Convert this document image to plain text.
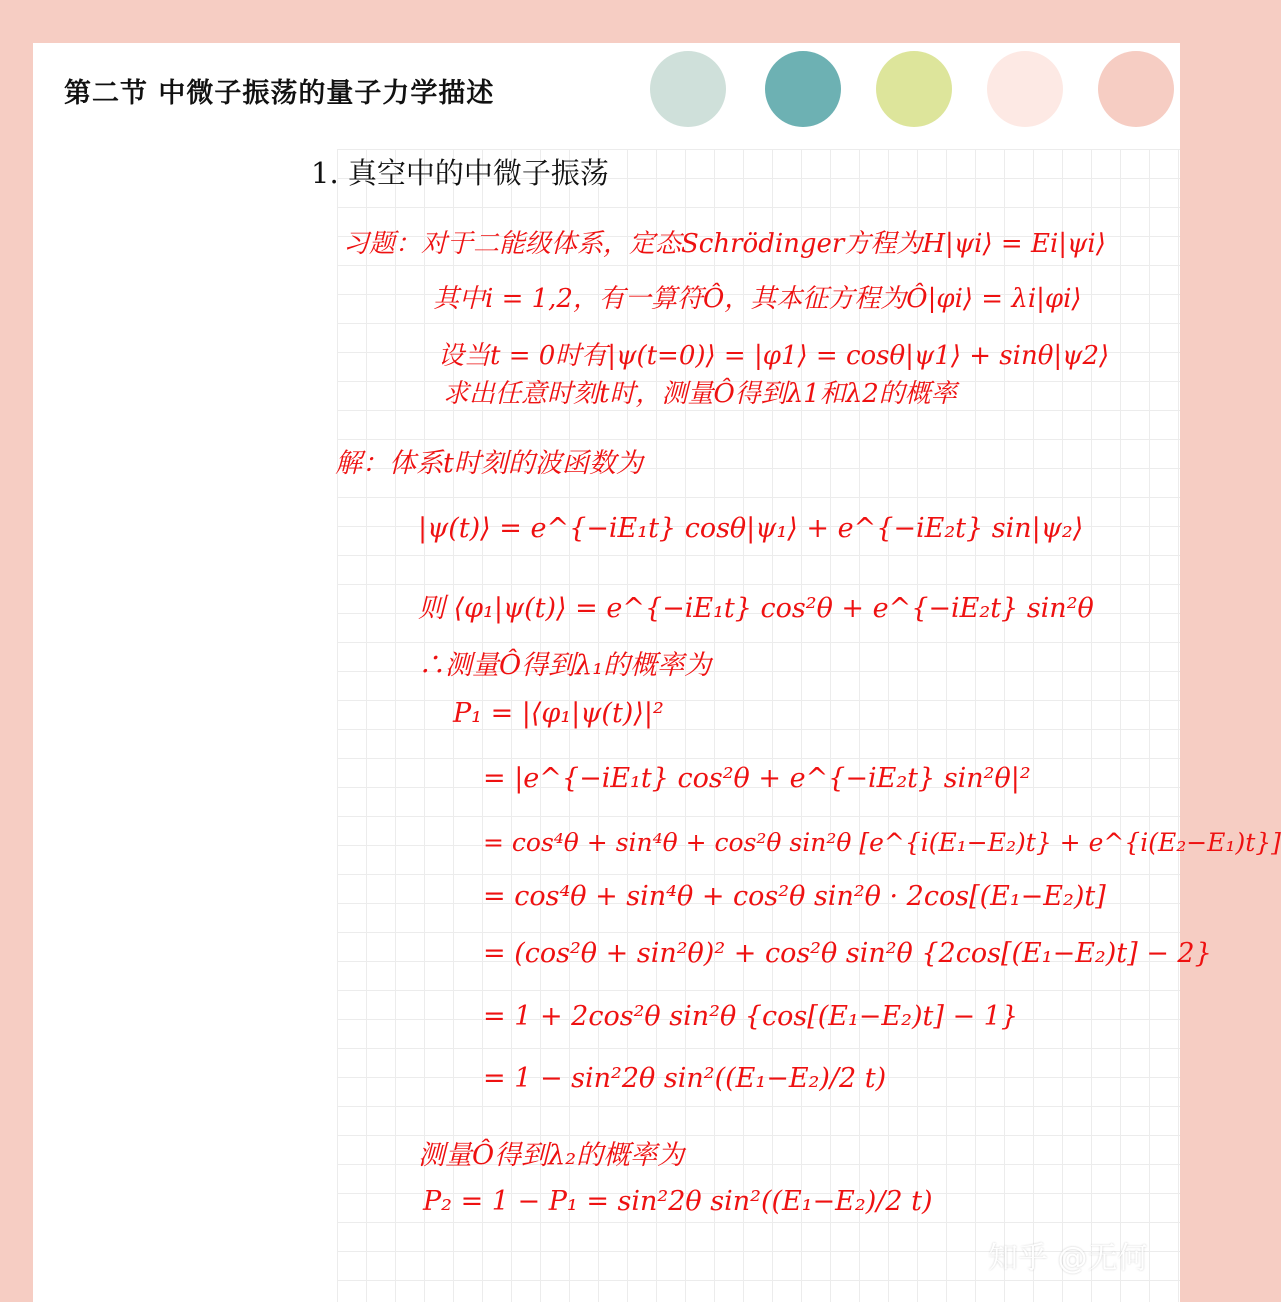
第二节 中微子振荡的量子力学描述
1. 真空中的中微子振荡
习题：对于二能级体系，定态Schrödinger方程为H|ψi⟩ = Ei|ψi⟩
其中i = 1,2，有一算符Ô，其本征方程为Ô|φi⟩ = λi|φi⟩
设当t = 0时有|ψ(t=0)⟩ = |φ1⟩ = cosθ|ψ1⟩ + sinθ|ψ2⟩
求出任意时刻t时，测量Ô得到λ1和λ2的概率
解：体系t时刻的波函数为
|ψ(t)⟩ = e^{−iE₁t} cosθ|ψ₁⟩ + e^{−iE₂t} sin|ψ₂⟩
则 ⟨φ₁|ψ(t)⟩ = e^{−iE₁t} cos²θ + e^{−iE₂t} sin²θ
∴测量Ô得到λ₁的概率为
P₁ = |⟨φ₁|ψ(t)⟩|²
= |e^{−iE₁t} cos²θ + e^{−iE₂t} sin²θ|²
= cos⁴θ + sin⁴θ + cos²θ sin²θ [e^{i(E₁−E₂)t} + e^{i(E₂−E₁)t}]
= cos⁴θ + sin⁴θ + cos²θ sin²θ · 2cos[(E₁−E₂)t]
= (cos²θ + sin²θ)² + cos²θ sin²θ {2cos[(E₁−E₂)t] − 2}
= 1 + 2cos²θ sin²θ {cos[(E₁−E₂)t] − 1}
= 1 − sin²2θ sin²((E₁−E₂)/2 t)
测量Ô得到λ₂的概率为
P₂ = 1 − P₁ = sin²2θ sin²((E₁−E₂)/2 t)
知乎 @无何
